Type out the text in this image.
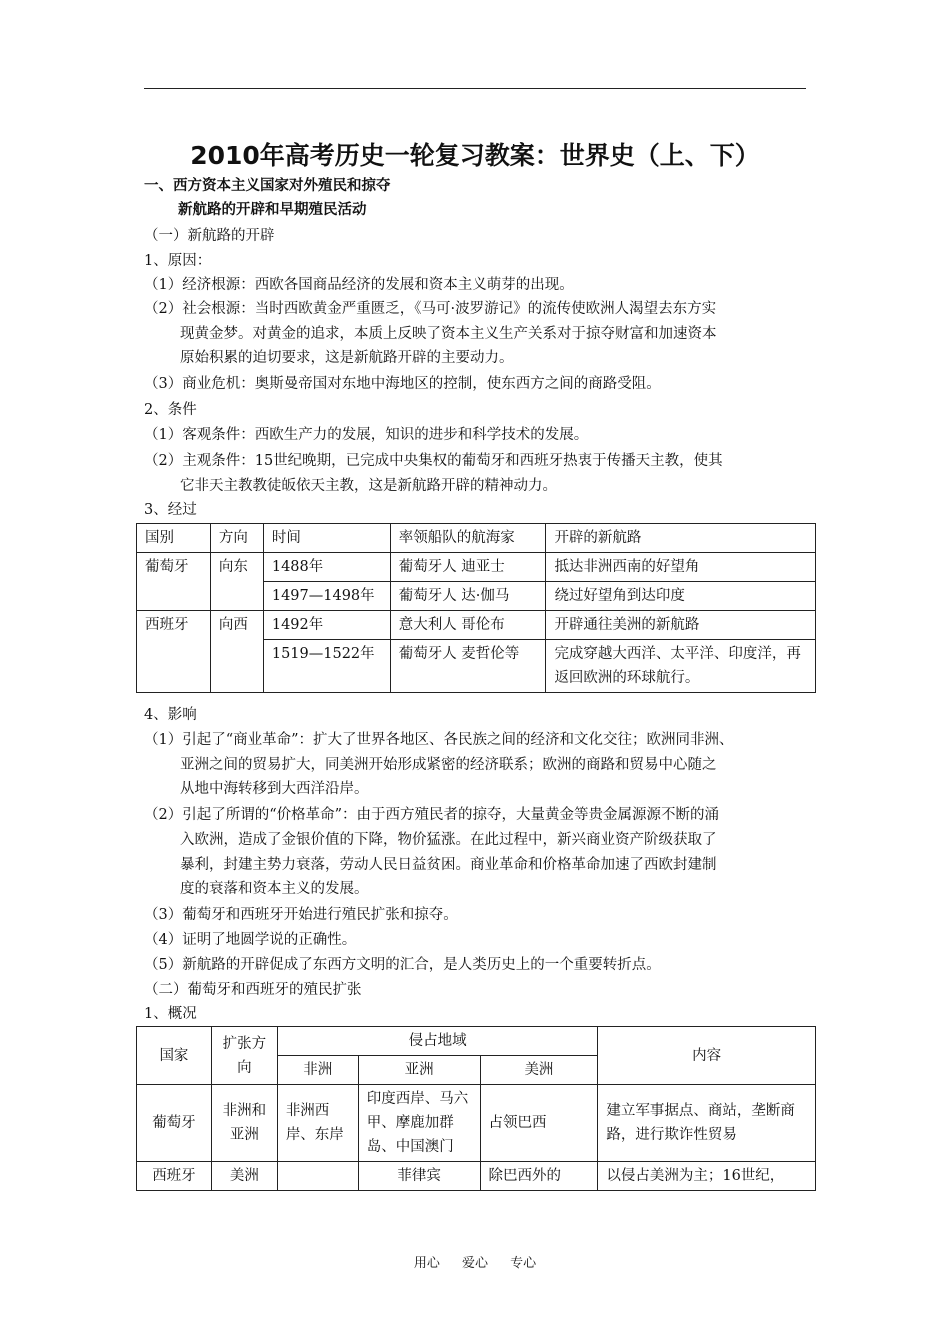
2010年高考历史一轮复习教案：世界史（上、下）
一、西方资本主义国家对外殖民和掠夺
新航路的开辟和早期殖民活动
（一）新航路的开辟
1、原因：
（1）经济根源：西欧各国商品经济的发展和资本主义萌芽的出现。
（2）社会根源：当时西欧黄金严重匮乏，《马可·波罗游记》的流传使欧洲人渴望去东方实
现黄金梦。对黄金的追求，本质上反映了资本主义生产关系对于掠夺财富和加速资本
原始积累的迫切要求，这是新航路开辟的主要动力。
（3）商业危机：奥斯曼帝国对东地中海地区的控制，使东西方之间的商路受阻。
2、条件
（1）客观条件：西欧生产力的发展，知识的进步和科学技术的发展。
（2）主观条件：15世纪晚期，已完成中央集权的葡萄牙和西班牙热衷于传播天主教，使其
它非天主教教徒皈依天主教，这是新航路开辟的精神动力。
3、经过
国别	方向	时间	率领船队的航海家	开辟的新航路
葡萄牙	向东	1488年	葡萄牙人 迪亚士	抵达非洲西南的好望角
		1497—1498年	葡萄牙人 达·伽马	绕过好望角到达印度
西班牙	向西	1492年	意大利人 哥伦布	开辟通往美洲的新航路
		1519—1522年	葡萄牙人 麦哲伦等	完成穿越大西洋、太平洋、印度洋，再返回欧洲的环球航行。
4、影响
（1）引起了“商业革命”：扩大了世界各地区、各民族之间的经济和文化交往；欧洲同非洲、
亚洲之间的贸易扩大，同美洲开始形成紧密的经济联系；欧洲的商路和贸易中心随之
从地中海转移到大西洋沿岸。
（2）引起了所谓的“价格革命”：由于西方殖民者的掠夺，大量黄金等贵金属源源不断的涌
入欧洲，造成了金银价值的下降，物价猛涨。在此过程中，新兴商业资产阶级获取了
暴利，封建主势力衰落，劳动人民日益贫困。商业革命和价格革命加速了西欧封建制
度的衰落和资本主义的发展。
（3）葡萄牙和西班牙开始进行殖民扩张和掠夺。
（4）证明了地圆学说的正确性。
（5）新航路的开辟促成了东西方文明的汇合，是人类历史上的一个重要转折点。
（二）葡萄牙和西班牙的殖民扩张
1、概况
国家	扩张方向	侵占地域			内容
		非洲	亚洲	美洲	
葡萄牙	非洲和亚洲	非洲西岸、东岸	印度西岸、马六甲、摩鹿加群岛、中国澳门	占领巴西	建立军事据点、商站，垄断商路，进行欺诈性贸易
西班牙	美洲		菲律宾	除巴西外的	以侵占美洲为主；16世纪，
用心 爱心 专心
